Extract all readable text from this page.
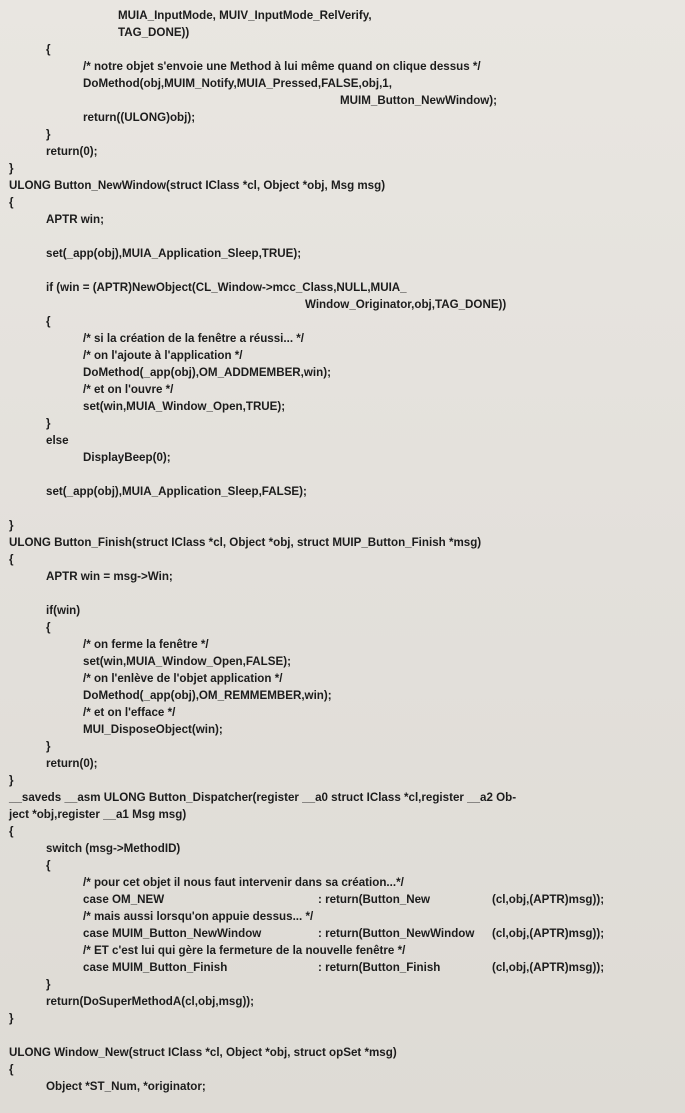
MUIA_InputMode, MUIV_InputMode_RelVerify,
TAG_DONE))
{
/* notre objet s'envoie une Method à lui même quand on clique dessus */
DoMethod(obj,MUIM_Notify,MUIA_Pressed,FALSE,obj,1,
MUIM_Button_NewWindow);
return((ULONG)obj);
}
return(0);
}
ULONG Button_NewWindow(struct IClass *cl, Object *obj, Msg msg)
{
APTR win;
set(_app(obj),MUIA_Application_Sleep,TRUE);
if (win = (APTR)NewObject(CL_Window->mcc_Class,NULL,MUIA_
Window_Originator,obj,TAG_DONE))
{
/* si la création de la fenêtre a réussi... */
/* on l'ajoute à l'application */
DoMethod(_app(obj),OM_ADDMEMBER,win);
/* et on l'ouvre */
set(win,MUIA_Window_Open,TRUE);
}
else
DisplayBeep(0);
set(_app(obj),MUIA_Application_Sleep,FALSE);
}
ULONG Button_Finish(struct IClass *cl, Object *obj, struct MUIP_Button_Finish *msg)
{
APTR win = msg->Win;
if(win)
{
/* on ferme la fenêtre */
set(win,MUIA_Window_Open,FALSE);
/* on l'enlève de l'objet application */
DoMethod(_app(obj),OM_REMMEMBER,win);
/* et on l'efface */
MUI_DisposeObject(win);
}
return(0);
}
__saveds __asm ULONG Button_Dispatcher(register __a0 struct IClass *cl,register __a2 Ob-
ject *obj,register __a1 Msg msg)
{
switch (msg->MethodID)
{
/* pour cet objet il nous faut intervenir dans sa création...*/
case OM_NEW	: return(Button_New	(cl,obj,(APTR)msg));
/* mais aussi lorsqu'on appuie dessus... */
case MUIM_Button_NewWindow	: return(Button_NewWindow (cl,obj,(APTR)msg));
/* ET c'est lui qui gère la fermeture de la nouvelle fenêtre */
case MUIM_Button_Finish	: return(Button_Finish	(cl,obj,(APTR)msg));
}
return(DoSuperMethodA(cl,obj,msg));
}
ULONG Window_New(struct IClass *cl, Object *obj, struct opSet *msg)
{
Object *ST_Num, *originator;
